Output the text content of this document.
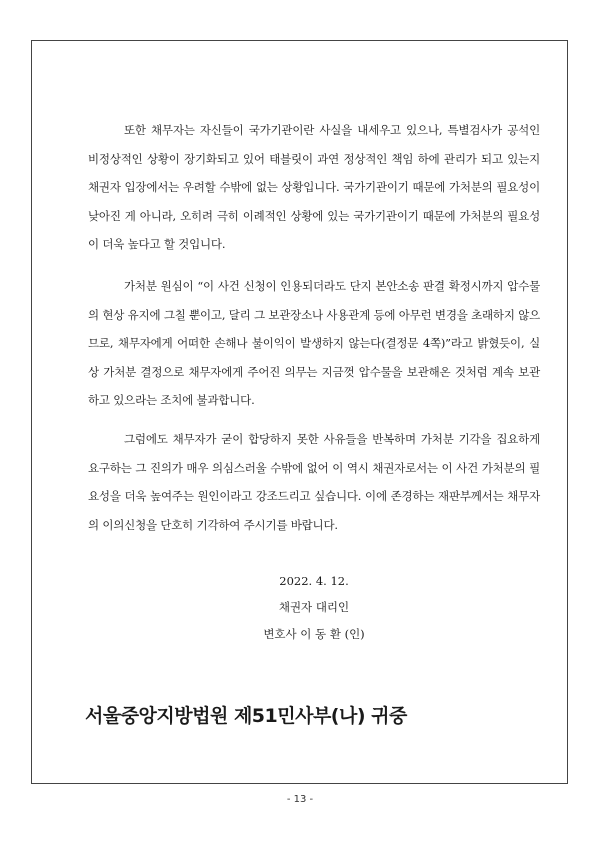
또한 채무자는 자신들이 국가기관이란 사실을 내세우고 있으나, 특별검사가 공석인 비정상적인 상황이 장기화되고 있어 태블릿이 과연 정상적인 책임 하에 관리가 되고 있는지 채권자 입장에서는 우려할 수밖에 없는 상황입니다. 국가기관이기 때문에 가처분의 필요성이 낮아진 게 아니라, 오히려 극히 이례적인 상황에 있는 국가기관이기 때문에 가처분의 필요성이 더욱 높다고 할 것입니다.

가처분 원심이 “이 사건 신청이 인용되더라도 단지 본안소송 판결 확정시까지 압수물의 현상 유지에 그칠 뿐이고, 달리 그 보관장소나 사용관계 등에 아무런 변경을 초래하지 않으므로, 채무자에게 어떠한 손해나 불이익이 발생하지 않는다(결정문 4쪽)”라고 밝혔듯이, 실상 가처분 결정으로 채무자에게 주어진 의무는 지금껏 압수물을 보관해온 것처럼 계속 보관하고 있으라는 조치에 불과합니다.

그럼에도 채무자가 굳이 합당하지 못한 사유들을 반복하며 가처분 기각을 집요하게 요구하는 그 진의가 매우 의심스러울 수밖에 없어 이 역시 채권자로서는 이 사건 가처분의 필요성을 더욱 높여주는 원인이라고 강조드리고 싶습니다. 이에 존경하는 재판부께서는 채무자의 이의신청을 단호히 기각하여 주시기를 바랍니다.

2022. 4. 12.
채권자 대리인
변호사 이 동 환 (인)
서울중앙지방법원 제51민사부(나) 귀중
- 13 -
